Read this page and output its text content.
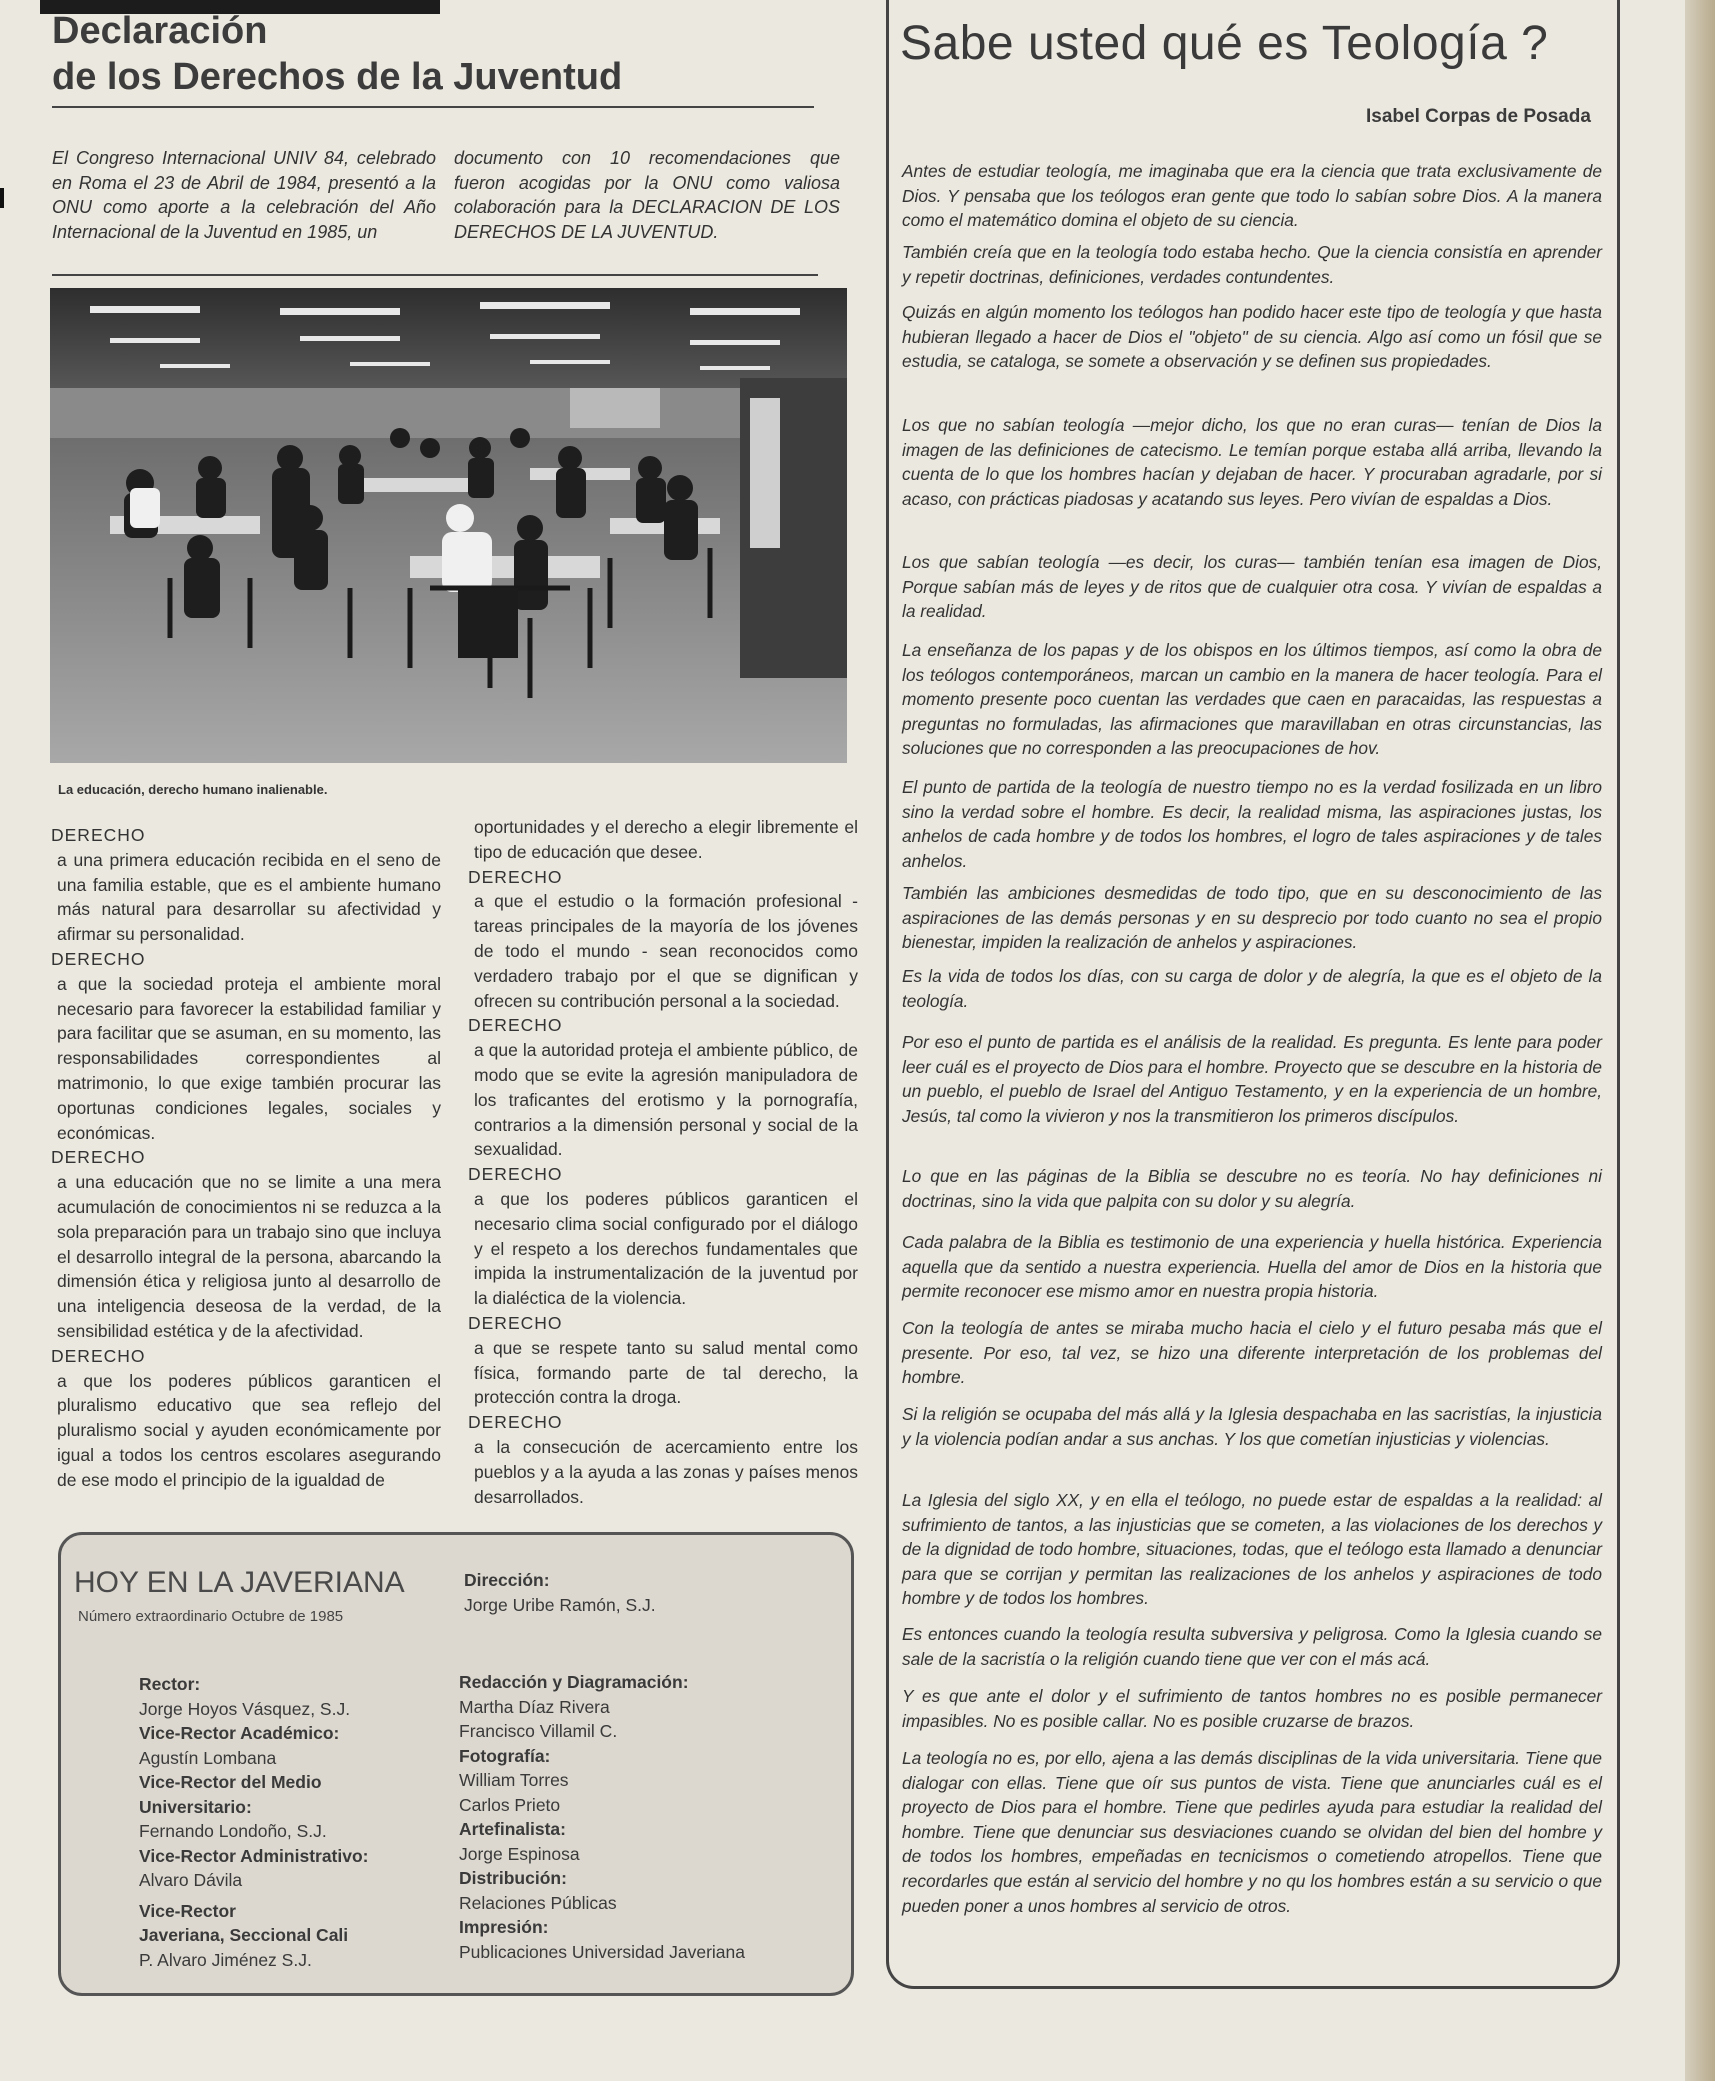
Declaración
de los Derechos de la Juventud

El Congreso Internacional UNIV 84, celebrado en Roma el 23 de Abril de 1984, presentó a la ONU como aporte a la celebración del Año Internacional de la Juventud en 1985, un

documento con 10 recomendaciones que fueron acogidas por la ONU como valiosa colaboración para la DECLARACION DE LOS DERECHOS DE LA JUVENTUD.

La educación, derecho humano inalienable.
DERECHO
a una primera educación recibida en el seno de una familia estable, que es el ambiente humano más natural para desarrollar su afectividad y afirmar su personalidad.
DERECHO
a que la sociedad proteja el ambiente moral necesario para favorecer la estabilidad familiar y para facilitar que se asuman, en su momento, las responsabilidades correspondientes al matrimonio, lo que exige también procurar las oportunas condiciones legales, sociales y económicas.
DERECHO
a una educación que no se limite a una mera acumulación de conocimientos ni se reduzca a la sola preparación para un trabajo sino que incluya el desarrollo integral de la persona, abarcando la dimensión ética y religiosa junto al desarrollo de una inteligencia deseosa de la verdad, de la sensibilidad estética y de la afectividad.
DERECHO
a que los poderes públicos garanticen el pluralismo educativo que sea reflejo del pluralismo social y ayuden económicamente por igual a todos los centros escolares asegurando de ese modo el principio de la igualdad de
oportunidades y el derecho a elegir libremente el tipo de educación que desee.
DERECHO
a que el estudio o la formación profesional - tareas principales de la mayoría de los jóvenes de todo el mundo - sean reconocidos como verdadero trabajo por el que se dignifican y ofrecen su contribución personal a la sociedad.
DERECHO
a que la autoridad proteja el ambiente público, de modo que se evite la agresión manipuladora de los traficantes del erotismo y la pornografía, contrarios a la dimensión personal y social de la sexualidad.
DERECHO
a que los poderes públicos garanticen el necesario clima social configurado por el diálogo y el respeto a los derechos fundamentales que impida la instrumentalización de la juventud por la dialéctica de la violencia.
DERECHO
a que se respete tanto su salud mental como física, formando parte de tal derecho, la protección contra la droga.
DERECHO
a la consecución de acercamiento entre los pueblos y a la ayuda a las zonas y países menos desarrollados.
HOY EN LA JAVERIANA
Número extraordinario Octubre de 1985
Dirección:
Jorge Uribe Ramón, S.J.
Rector:
Jorge Hoyos Vásquez, S.J.
Vice-Rector Académico:
Agustín Lombana
Vice-Rector del Medio
Universitario:
Fernando Londoño, S.J.
Vice-Rector Administrativo:
Alvaro Dávila
Vice-Rector
Javeriana, Seccional Cali
P. Alvaro Jiménez S.J.
Redacción y Diagramación:
Martha Díaz Rivera
Francisco Villamil C.
Fotografía:
William Torres
Carlos Prieto
Artefinalista:
Jorge Espinosa
Distribución:
Relaciones Públicas
Impresión:
Publicaciones Universidad Javeriana
Sabe usted qué es Teología ?
Isabel Corpas de Posada

Antes de estudiar teología, me imaginaba que era la ciencia que trata exclusivamente de Dios. Y pensaba que los teólogos eran gente que todo lo sabían sobre Dios. A la manera como el matemático domina el objeto de su ciencia.

También creía que en la teología todo estaba hecho. Que la ciencia consistía en aprender y repetir doctrinas, definiciones, verdades contundentes.

Quizás en algún momento los teólogos han podido hacer este tipo de teología y que hasta hubieran llegado a hacer de Dios el "objeto" de su ciencia. Algo así como un fósil que se estudia, se cataloga, se somete a observación y se definen sus propiedades.

Los que no sabían teología —mejor dicho, los que no eran curas— tenían de Dios la imagen de las definiciones de catecismo. Le temían porque estaba allá arriba, llevando la cuenta de lo que los hombres hacían y dejaban de hacer. Y procuraban agradarle, por si acaso, con prácticas piadosas y acatando sus leyes. Pero vivían de espaldas a Dios.

Los que sabían teología —es decir, los curas— también tenían esa imagen de Dios, Porque sabían más de leyes y de ritos que de cualquier otra cosa. Y vivían de espaldas a la realidad.

La enseñanza de los papas y de los obispos en los últimos tiempos, así como la obra de los teólogos contemporáneos, marcan un cambio en la manera de hacer teología. Para el momento presente poco cuentan las verdades que caen en paracaidas, las respuestas a preguntas no formuladas, las afirmaciones que maravillaban en otras circunstancias, las soluciones que no corresponden a las preocupaciones de hov.

El punto de partida de la teología de nuestro tiempo no es la verdad fosilizada en un libro sino la verdad sobre el hombre. Es decir, la realidad misma, las aspiraciones justas, los anhelos de cada hombre y de todos los hombres, el logro de tales aspiraciones y de tales anhelos.

También las ambiciones desmedidas de todo tipo, que en su desconocimiento de las aspiraciones de las demás personas y en su desprecio por todo cuanto no sea el propio bienestar, impiden la realización de anhelos y aspiraciones.

Es la vida de todos los días, con su carga de dolor y de alegría, la que es el objeto de la teología.

Por eso el punto de partida es el análisis de la realidad. Es pregunta. Es lente para poder leer cuál es el proyecto de Dios para el hombre. Proyecto que se descubre en la historia de un pueblo, el pueblo de Israel del Antiguo Testamento, y en la experiencia de un hombre, Jesús, tal como la vivieron y nos la transmitieron los primeros discípulos.

Lo que en las páginas de la Biblia se descubre no es teoría. No hay definiciones ni doctrinas, sino la vida que palpita con su dolor y su alegría.

Cada palabra de la Biblia es testimonio de una experiencia y huella histórica. Experiencia aquella que da sentido a nuestra experiencia. Huella del amor de Dios en la historia que permite reconocer ese mismo amor en nuestra propia historia.

Con la teología de antes se miraba mucho hacia el cielo y el futuro pesaba más que el presente. Por eso, tal vez, se hizo una diferente interpretación de los problemas del hombre.

Si la religión se ocupaba del más allá y la Iglesia despachaba en las sacristías, la injusticia y la violencia podían andar a sus anchas. Y los que cometían injusticias y violencias.

La Iglesia del siglo XX, y en ella el teólogo, no puede estar de espaldas a la realidad: al sufrimiento de tantos, a las injusticias que se cometen, a las violaciones de los derechos y de la dignidad de todo hombre, situaciones, todas, que el teólogo esta llamado a denunciar para que se corrijan y permitan las realizaciones de los anhelos y aspiraciones de todo hombre y de todos los hombres.

Es entonces cuando la teología resulta subversiva y peligrosa. Como la Iglesia cuando se sale de la sacristía o la religión cuando tiene que ver con el más acá.

Y es que ante el dolor y el sufrimiento de tantos hombres no es posible permanecer impasibles. No es posible callar. No es posible cruzarse de brazos.

La teología no es, por ello, ajena a las demás disciplinas de la vida universitaria. Tiene que dialogar con ellas. Tiene que oír sus puntos de vista. Tiene que anunciarles cuál es el proyecto de Dios para el hombre. Tiene que pedirles ayuda para estudiar la realidad del hombre. Tiene que denunciar sus desviaciones cuando se olvidan del bien del hombre y de todos los hombres, empeñadas en tecnicismos o cometiendo atropellos. Tiene que recordarles que están al servicio del hombre y no qu los hombres están a su servicio o que pueden poner a unos hombres al servicio de otros.
